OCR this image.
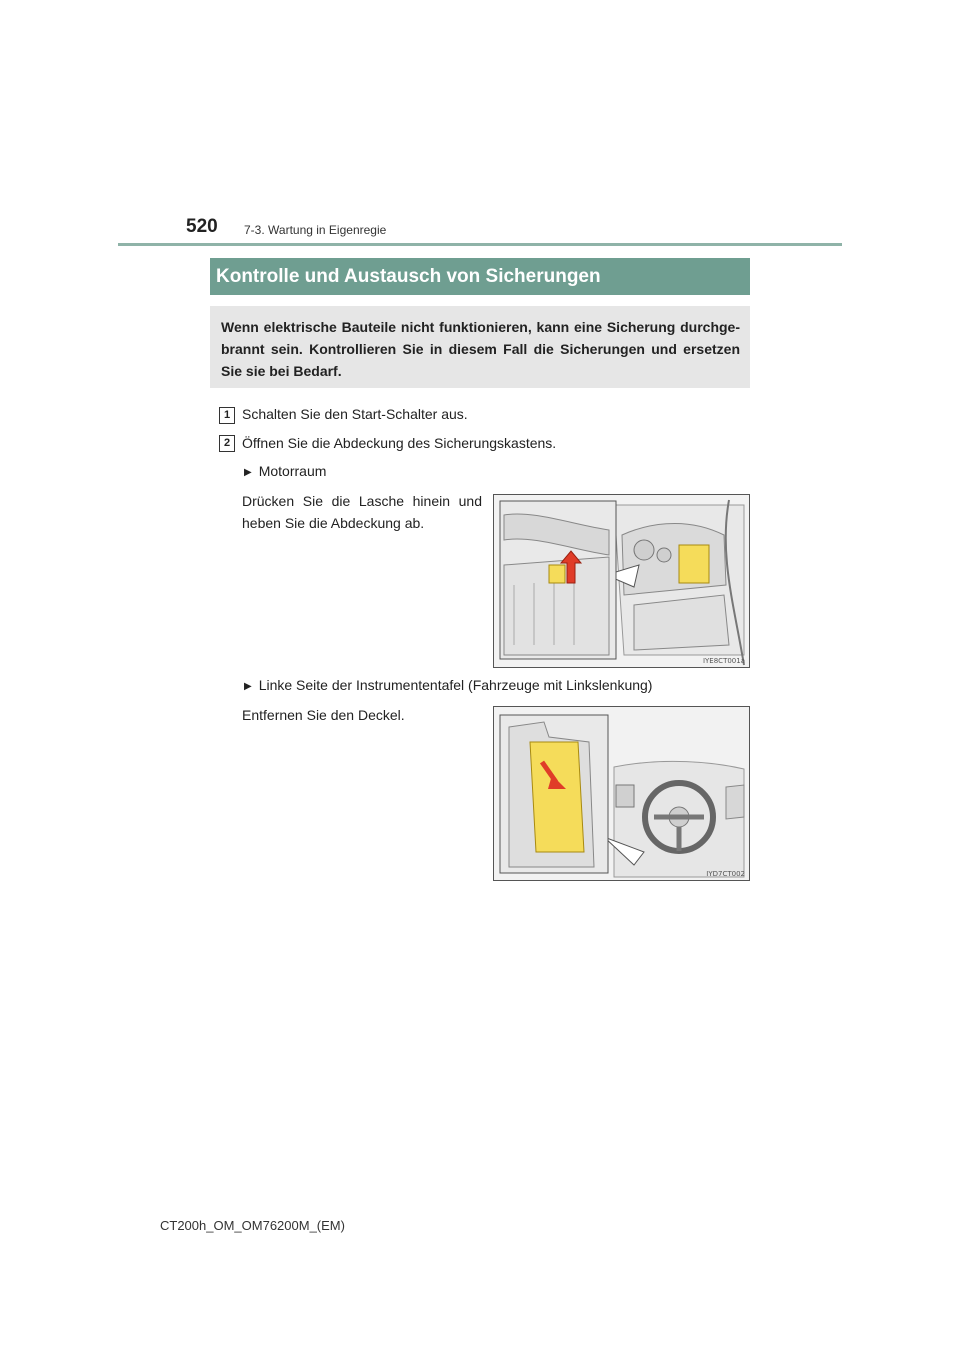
520 7-3. Wartung in Eigenregie
Kontrolle und Austausch von Sicherungen
Wenn elektrische Bauteile nicht funktionieren, kann eine Sicherung durchge-brannt sein. Kontrollieren Sie in diesem Fall die Sicherungen und ersetzen Sie sie bei Bedarf.
1 Schalten Sie den Start-Schalter aus.
2 Öffnen Sie die Abdeckung des Sicherungskastens.
▶ Motorraum
Drücken Sie die Lasche hinein und
heben Sie die Abdeckung ab.
IYE8CT001a
▶ Linke Seite der Instrumententafel (Fahrzeuge mit Linkslenkung)
Entfernen Sie den Deckel.
IYD7CT002
CT200h_OM_OM76200M_(EM)
